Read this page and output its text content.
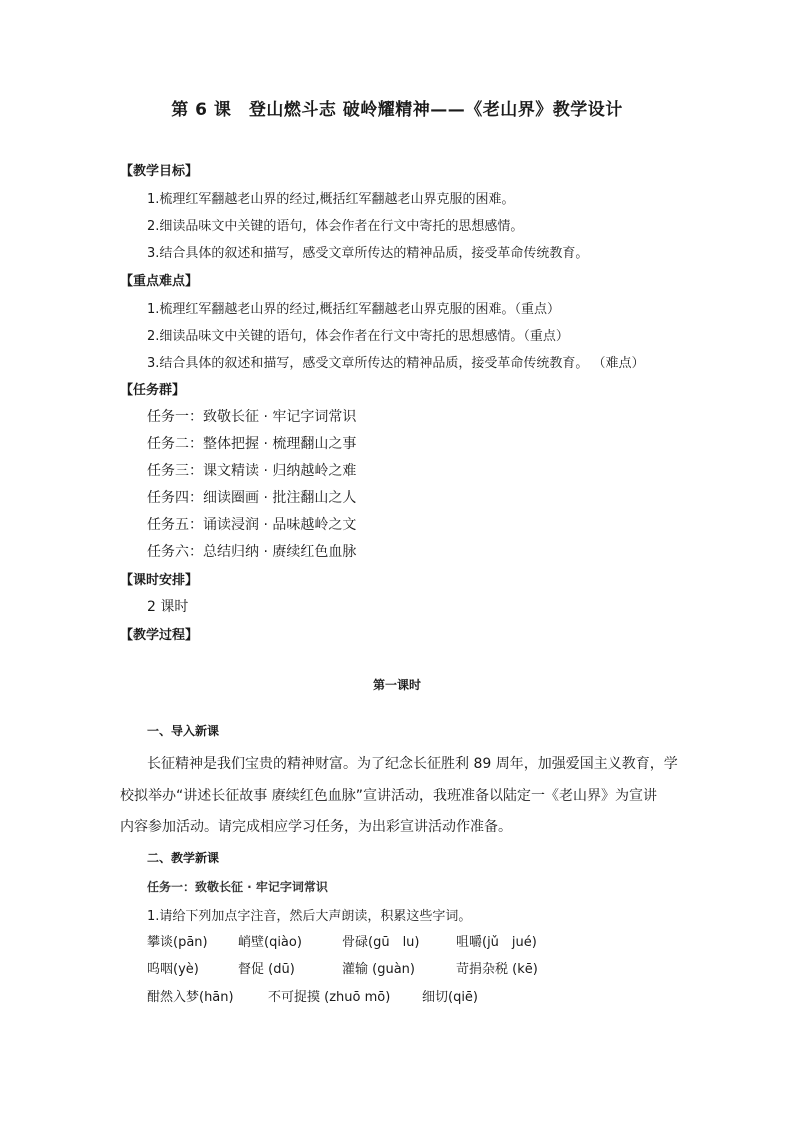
第 6 课　登山燃斗志 破岭耀精神——《老山界》教学设计
【教学目标】
1.梳理红军翻越老山界的经过,概括红军翻越老山界克服的困难。
2.细读品味文中关键的语句，体会作者在行文中寄托的思想感情。
3.结合具体的叙述和描写，感受文章所传达的精神品质，接受革命传统教育。
【重点难点】
1.梳理红军翻越老山界的经过,概括红军翻越老山界克服的困难。（重点）
2.细读品味文中关键的语句，体会作者在行文中寄托的思想感情。（重点）
3.结合具体的叙述和描写，感受文章所传达的精神品质，接受革命传统教育。 （难点）
【任务群】
任务一：致敬长征 · 牢记字词常识
任务二：整体把握 · 梳理翻山之事
任务三：课文精读 · 归纳越岭之难
任务四：细读圈画 · 批注翻山之人
任务五：诵读浸润 · 品味越岭之文
任务六：总结归纳 · 赓续红色血脉
【课时安排】
2 课时
【教学过程】
第一课时
一、导入新课
长征精神是我们宝贵的精神财富。为了纪念长征胜利 89 周年，加强爱国主义教育，学
校拟举办“讲述长征故事 赓续红色血脉”宣讲活动，我班准备以陆定一《老山界》为宣讲
内容参加活动。请完成相应学习任务，为出彩宣讲活动作准备。
二、教学新课
任务一：致敬长征 · 牢记字词常识
1.请给下列加点字注音，然后大声朗读，积累这些字词。
攀谈(pān) 峭壁(qiào)	骨碌(gū　lu)	咀嚼(jǔ　jué)
呜咽(yè)	督促 (dū)	灌输 (guàn)	苛捐杂税 (kē)
酣然入梦(hān)	不可捉摸 (zhuō mō) 细切(qiē)
